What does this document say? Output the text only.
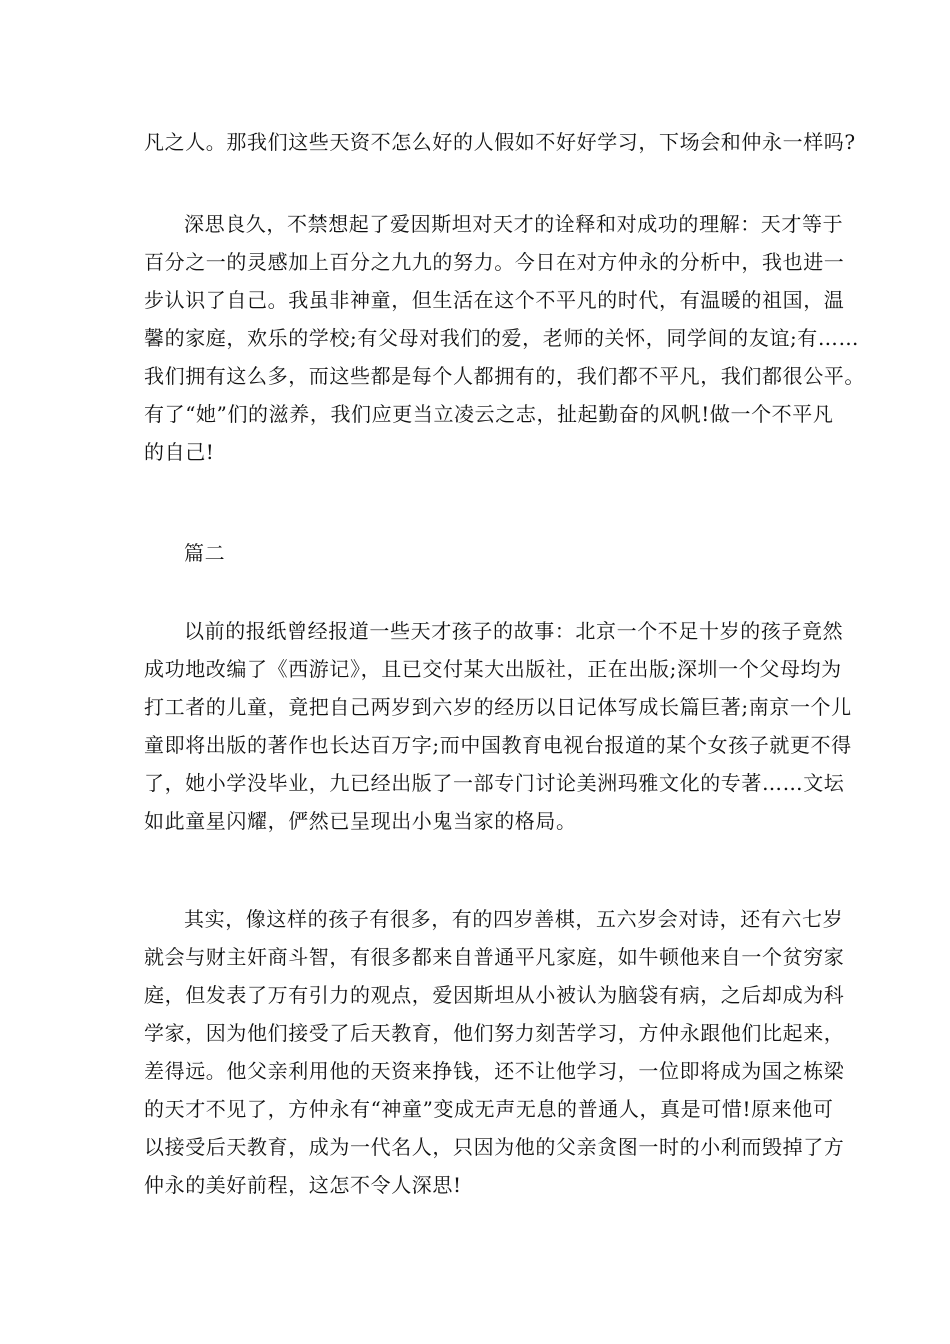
凡之人。那我们这些天资不怎么好的人假如不好好学习，下场会和仲永一样吗?
深思良久，不禁想起了爱因斯坦对天才的诠释和对成功的理解：天才等于
百分之一的灵感加上百分之九九的努力。今日在对方仲永的分析中，我也进一
步认识了自己。我虽非神童，但生活在这个不平凡的时代，有温暖的祖国，温
馨的家庭，欢乐的学校;有父母对我们的爱，老师的关怀，同学间的友谊;有……
我们拥有这么多，而这些都是每个人都拥有的，我们都不平凡，我们都很公平。
有了“她”们的滋养，我们应更当立凌云之志，扯起勤奋的风帆!做一个不平凡
的自己!
篇二
以前的报纸曾经报道一些天才孩子的故事：北京一个不足十岁的孩子竟然
成功地改编了《西游记》，且已交付某大出版社，正在出版;深圳一个父母均为
打工者的儿童，竟把自己两岁到六岁的经历以日记体写成长篇巨著;南京一个儿
童即将出版的著作也长达百万字;而中国教育电视台报道的某个女孩子就更不得
了，她小学没毕业，九已经出版了一部专门讨论美洲玛雅文化的专著……文坛
如此童星闪耀，俨然已呈现出小鬼当家的格局。
其实，像这样的孩子有很多，有的四岁善棋，五六岁会对诗，还有六七岁
就会与财主奸商斗智，有很多都来自普通平凡家庭，如牛顿他来自一个贫穷家
庭，但发表了万有引力的观点，爱因斯坦从小被认为脑袋有病，之后却成为科
学家，因为他们接受了后天教育，他们努力刻苦学习，方仲永跟他们比起来，
差得远。他父亲利用他的天资来挣钱，还不让他学习，一位即将成为国之栋梁
的天才不见了，方仲永有“神童”变成无声无息的普通人，真是可惜!原来他可
以接受后天教育，成为一代名人，只因为他的父亲贪图一时的小利而毁掉了方
仲永的美好前程，这怎不令人深思!
